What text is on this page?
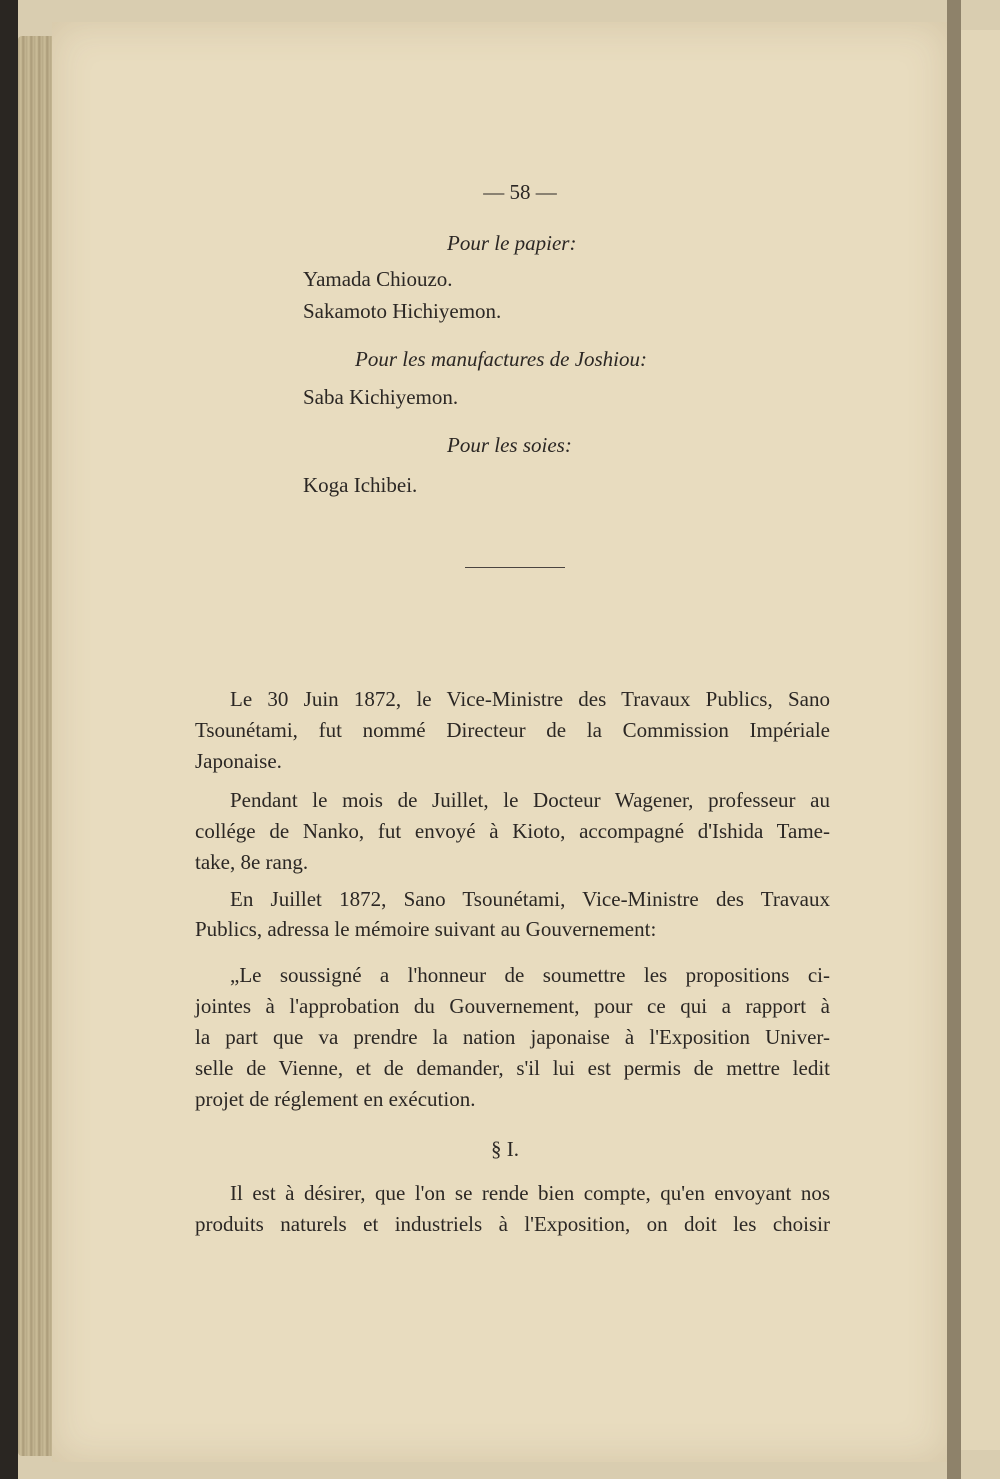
— 58 —
Pour le papier:
Yamada Chiouzo.
Sakamoto Hichiyemon.
Pour les manufactures de Joshiou:
Saba Kichiyemon.
Pour les soies:
Koga Ichibei.
Le 30 Juin 1872, le Vice-Ministre des Travaux Publics, Sano
Tsounétami, fut nommé Directeur de la Commission Impériale
Japonaise.
Pendant le mois de Juillet, le Docteur Wagener, professeur au
collége de Nanko, fut envoyé à Kioto, accompagné d'Ishida Tame-
take, 8e rang.
En Juillet 1872, Sano Tsounétami, Vice-Ministre des Travaux
Publics, adressa le mémoire suivant au Gouvernement:
„Le soussigné a l'honneur de soumettre les propositions ci-
jointes à l'approbation du Gouvernement, pour ce qui a rapport à
la part que va prendre la nation japonaise à l'Exposition Univer-
selle de Vienne, et de demander, s'il lui est permis de mettre ledit
projet de réglement en exécution.
§ I.
Il est à désirer, que l'on se rende bien compte, qu'en envoyant nos
produits naturels et industriels à l'Exposition, on doit les choisir
